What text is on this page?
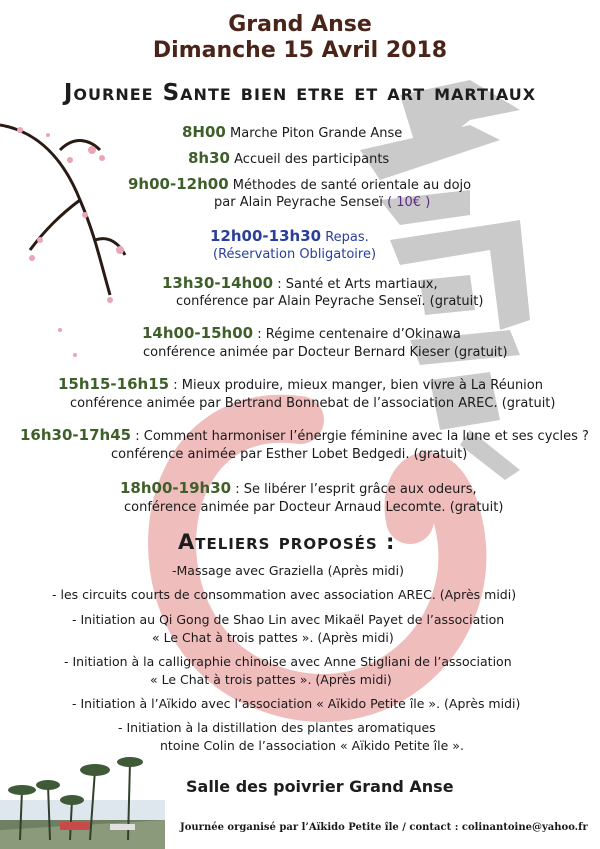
Grand Anse
Dimanche 15 Avril 2018
Journee Sante bien etre et art martiaux
8H00 Marche Piton Grande Anse
8h30 Accueil des participants
9h00-12h00 Méthodes de santé orientale au dojo
par Alain Peyrache Senseï ( 10€ )
12h00-13h30 Repas.
(Réservation Obligatoire)
13h30-14h00 : Santé et Arts martiaux,
conférence par Alain Peyrache Senseï. (gratuit)
14h00-15h00 : Régime centenaire d’Okinawa
conférence animée par Docteur Bernard Kieser (gratuit)
15h15-16h15 : Mieux produire, mieux manger, bien vivre à La Réunion
conférence animée par Bertrand Bonnebat de l’association AREC. (gratuit)
16h30-17h45 : Comment harmoniser l’énergie féminine avec la lune et ses cycles ?
conférence animée par Esther Lobet Bedgedi. (gratuit)
18h00-19h30 : Se libérer l’esprit grâce aux odeurs,
conférence animée par Docteur Arnaud Lecomte. (gratuit)
Ateliers proposés :
-Massage avec Graziella (Après midi)
- les circuits courts de consommation avec association AREC. (Après midi)
- Initiation au Qi Gong de Shao Lin avec Mikaël Payet de l’association
« Le Chat à trois pattes ». (Après midi)
- Initiation à la calligraphie chinoise avec Anne Stigliani de l’association
« Le Chat à trois pattes ». (Après midi)
- Initiation à l’Aïkido avec l’association « Aïkido Petite île ». (Après midi)
- Initiation à la distillation des plantes aromatiques
ntoine Colin de l’association « Aïkido Petite île ».
Salle des poivrier Grand Anse
Journée organisé par l’Aïkido Petite île / contact : colinantoine@yahoo.fr
